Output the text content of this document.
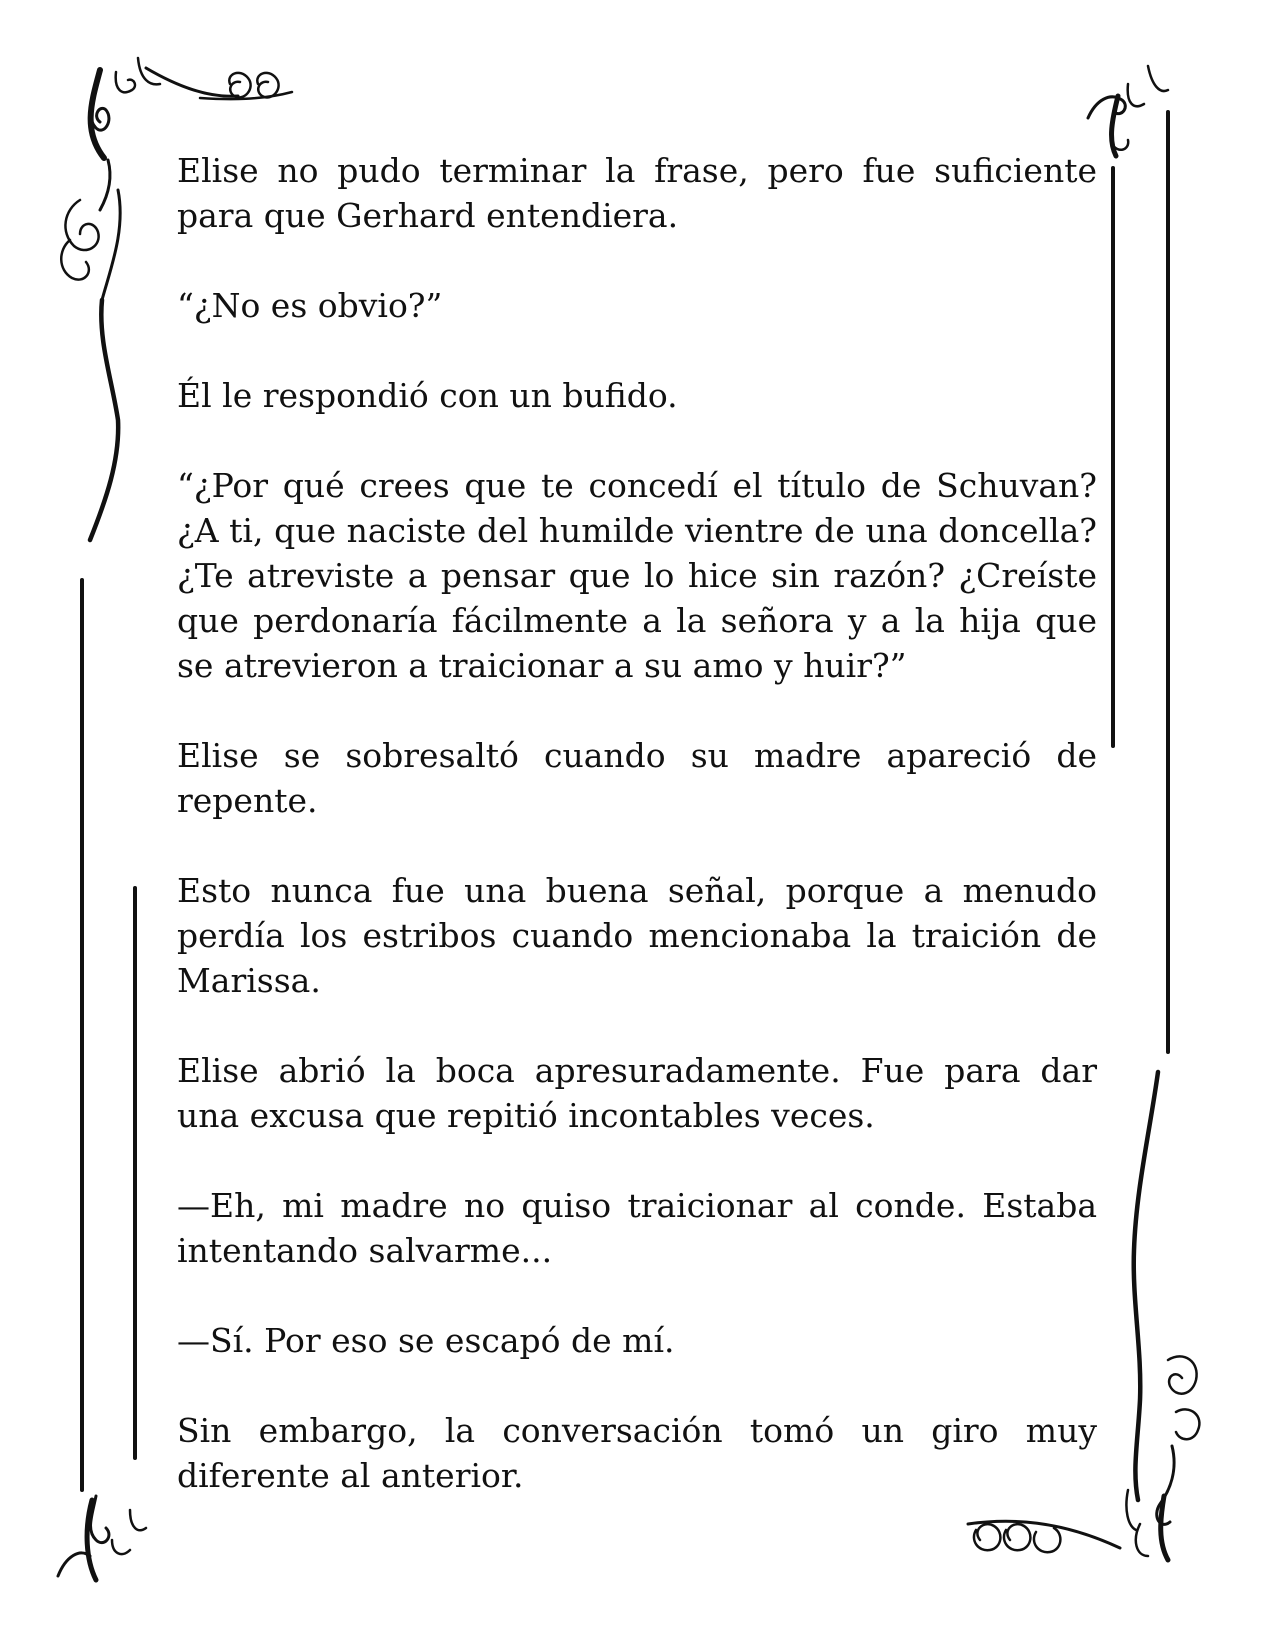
Elise no pudo terminar la frase, pero fue suficiente para que Gerhard entendiera.

“¿No es obvio?”

Él le respondió con un bufido.

“¿Por qué crees que te concedí el título de Schuvan? ¿A ti, que naciste del humilde vientre de una doncella? ¿Te atreviste a pensar que lo hice sin razón? ¿Creíste que perdonaría fácilmente a la señora y a la hija que se atrevieron a traicionar a su amo y huir?”

Elise se sobresaltó cuando su madre apareció de repente.

Esto nunca fue una buena señal, porque a menudo perdía los estribos cuando mencionaba la traición de Marissa.

Elise abrió la boca apresuradamente. Fue para dar una excusa que repitió incontables veces.

—Eh, mi madre no quiso traicionar al conde. Estaba intentando salvarme...

—Sí. Por eso se escapó de mí.

Sin embargo, la conversación tomó un giro muy diferente al anterior.
